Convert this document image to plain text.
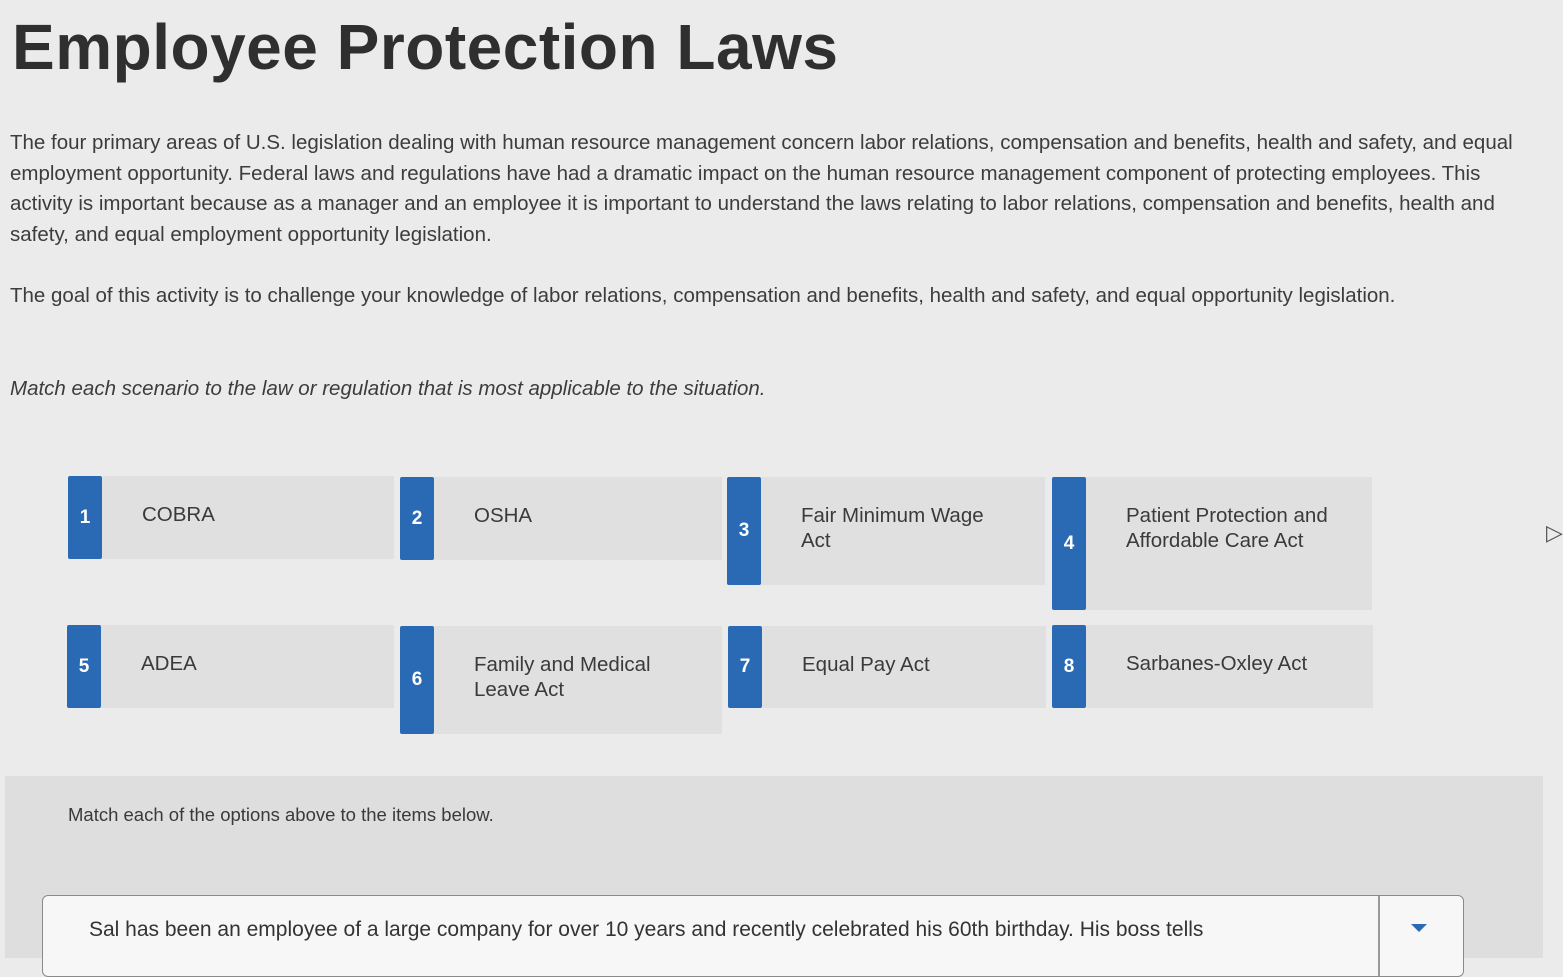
Employee Protection Laws

The four primary areas of U.S. legislation dealing with human resource management concern labor relations, compensation and benefits, health and safety, and equal employment opportunity. Federal laws and regulations have had a dramatic impact on the human resource management component of protecting employees. This activity is important because as a manager and an employee it is important to understand the laws relating to labor relations, compensation and benefits, health and safety, and equal employment opportunity legislation.

The goal of this activity is to challenge your knowledge of labor relations, compensation and benefits, health and safety, and equal opportunity legislation.

Match each scenario to the law or regulation that is most applicable to the situation.

1	COBRA	2	OSHA
3
Fair Minimum Wage Act	4
Patient Protection and Affordable Care Act
5	ADEA
6
Family and Medical Leave Act
7	Equal Pay Act	8	Sarbanes-Oxley Act
▷

Match each of the options above to the items below.

Sal has been an employee of a large company for over 10 years and recently celebrated his 60th birthday. His boss tells
